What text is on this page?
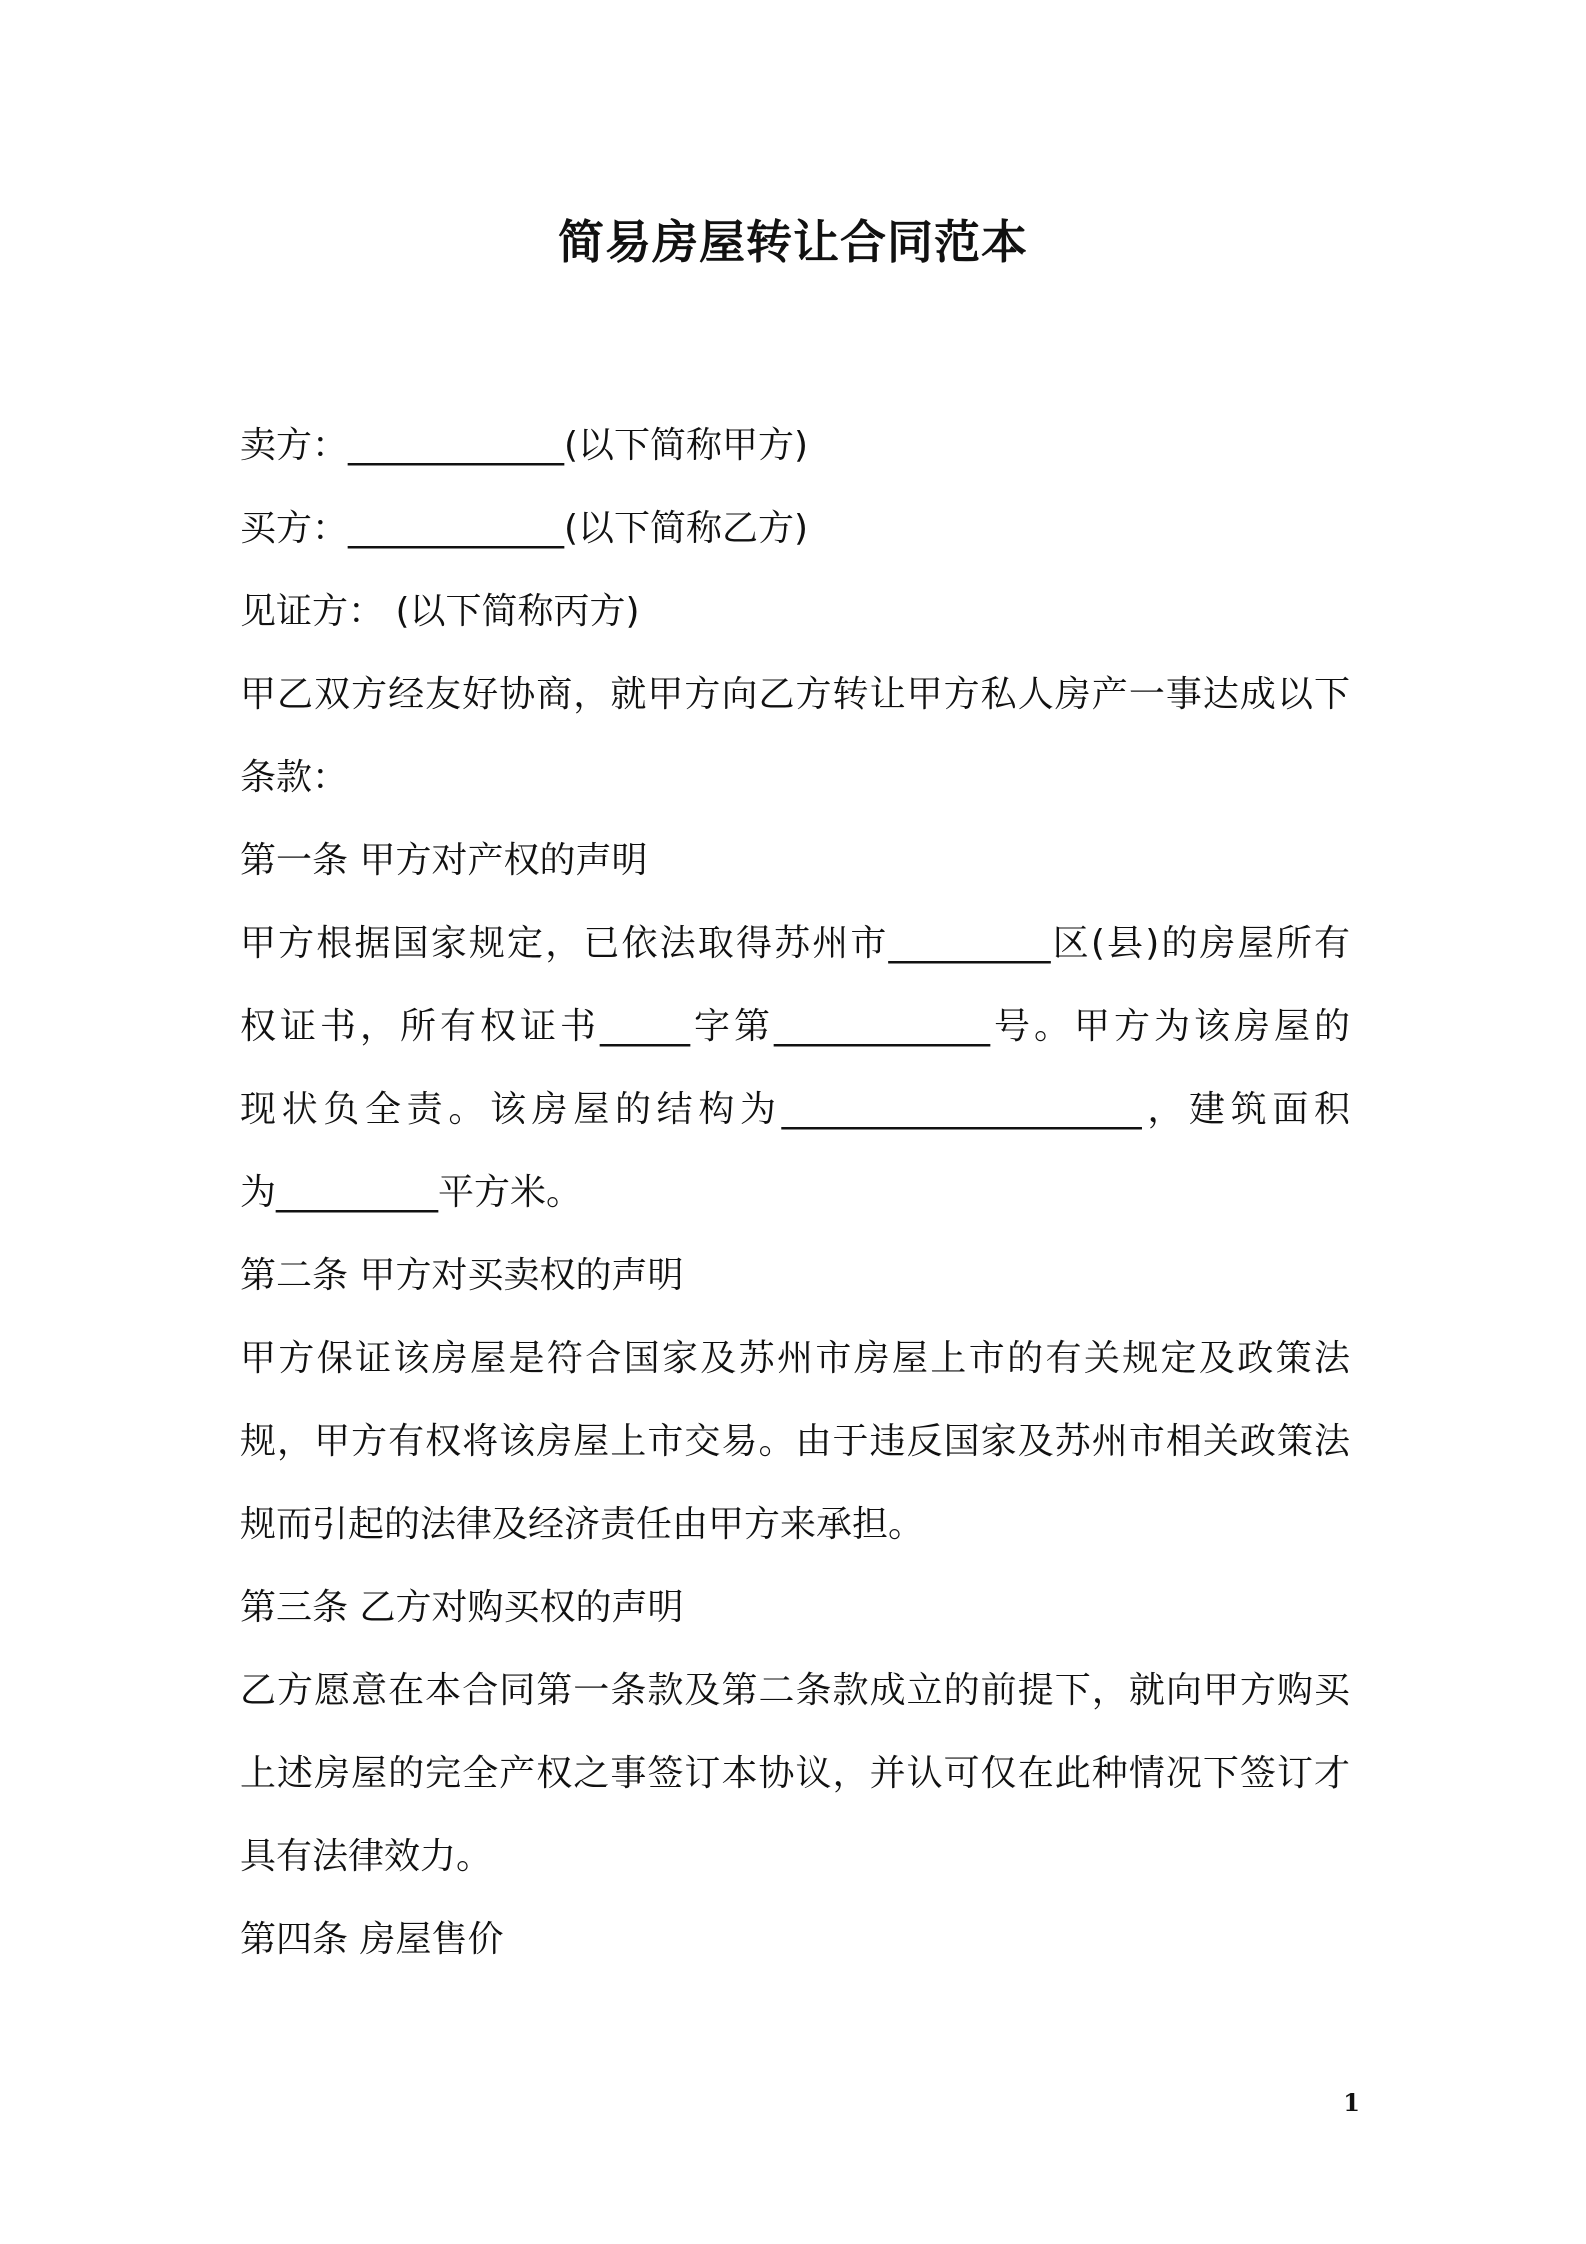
简易房屋转让合同范本
卖方：____________(以下简称甲方)
买方：____________(以下简称乙方)
见证方： (以下简称丙方)
甲乙双方经友好协商，就甲方向乙方转让甲方私人房产一事达成以下
条款：
第一条 甲方对产权的声明
甲方根据国家规定，已依法取得苏州市_________区(县)的房屋所有
权证书，所有权证书_____字第____________号。甲方为该房屋的
现状负全责。该房屋的结构为____________________，建筑面积
为_________平方米。
第二条 甲方对买卖权的声明
甲方保证该房屋是符合国家及苏州市房屋上市的有关规定及政策法
规，甲方有权将该房屋上市交易。由于违反国家及苏州市相关政策法
规而引起的法律及经济责任由甲方来承担。
第三条 乙方对购买权的声明
乙方愿意在本合同第一条款及第二条款成立的前提下，就向甲方购买
上述房屋的完全产权之事签订本协议，并认可仅在此种情况下签订才
具有法律效力。
第四条 房屋售价
1
